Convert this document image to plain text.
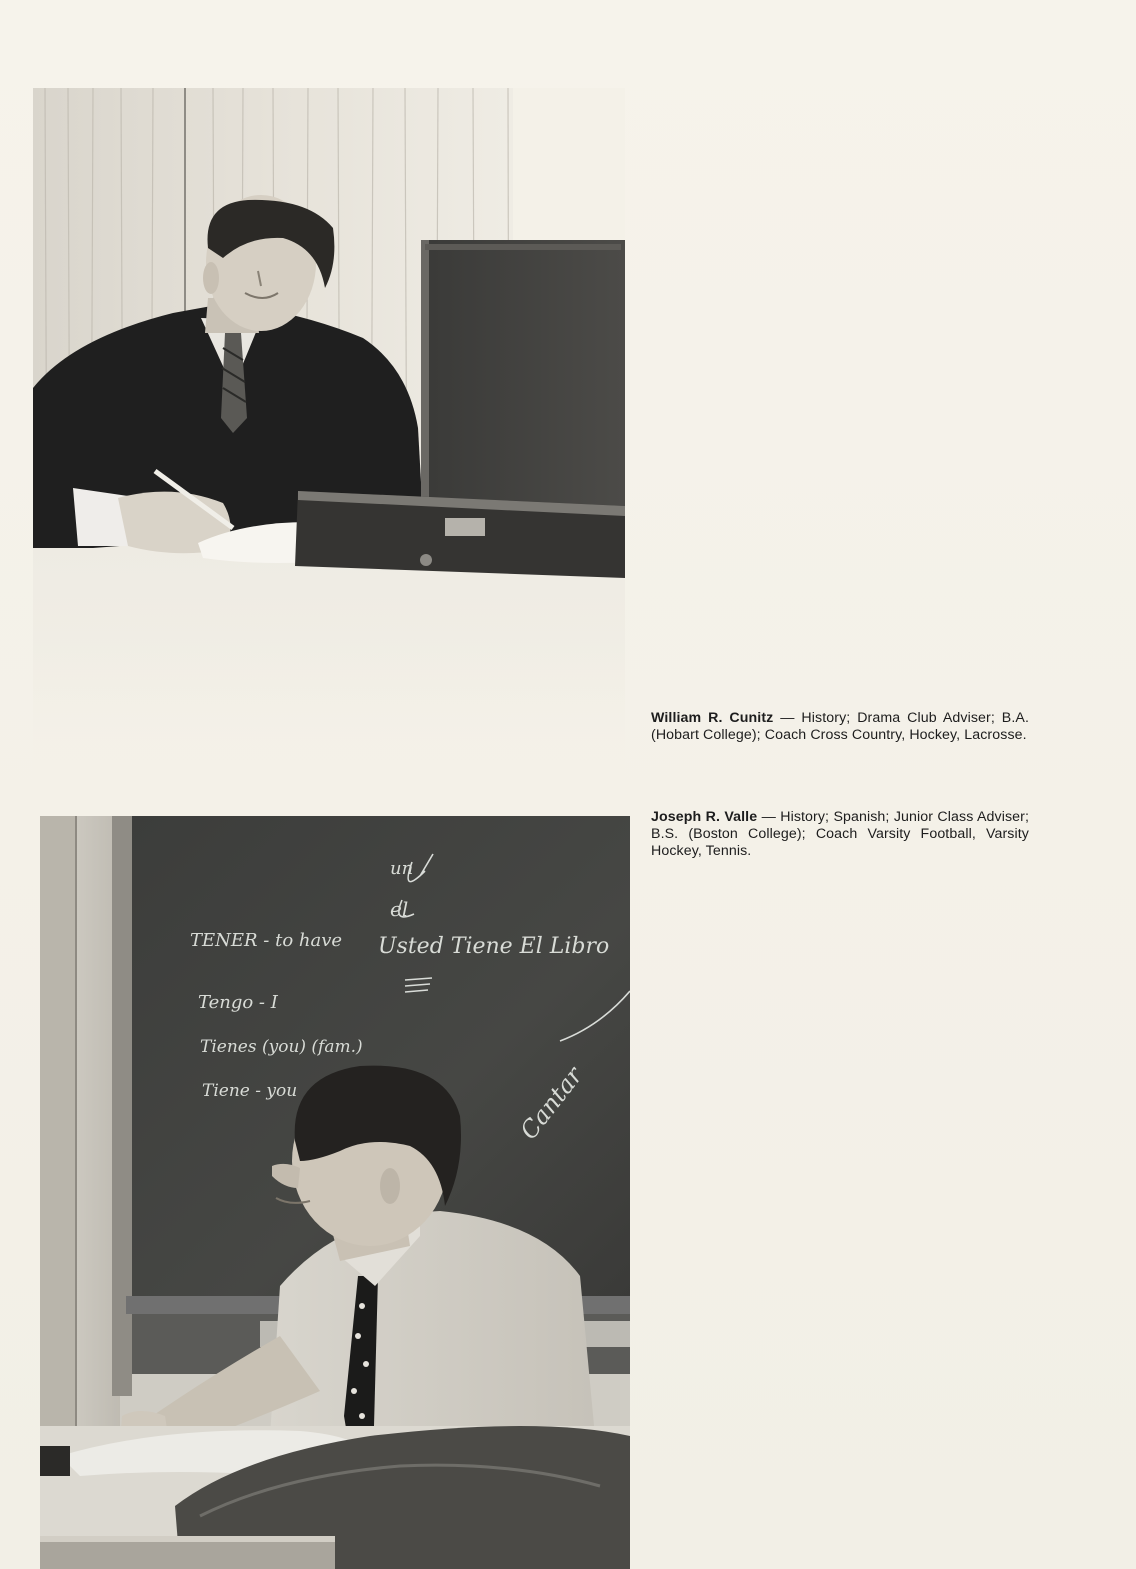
TENER - to have Usted Tiene El Libro
Tengo - I
Tienes (you) (fam.)
Tiene - you	Cantar
un
el
William R. Cunitz — History; Drama Club Adviser; B.A. (Hobart College); Coach Cross Country, Hockey, Lacrosse.
Joseph R. Valle — History; Spanish; Junior Class Adviser; B.S. (Boston College); Coach Varsity Football, Varsity Hockey, Tennis.
